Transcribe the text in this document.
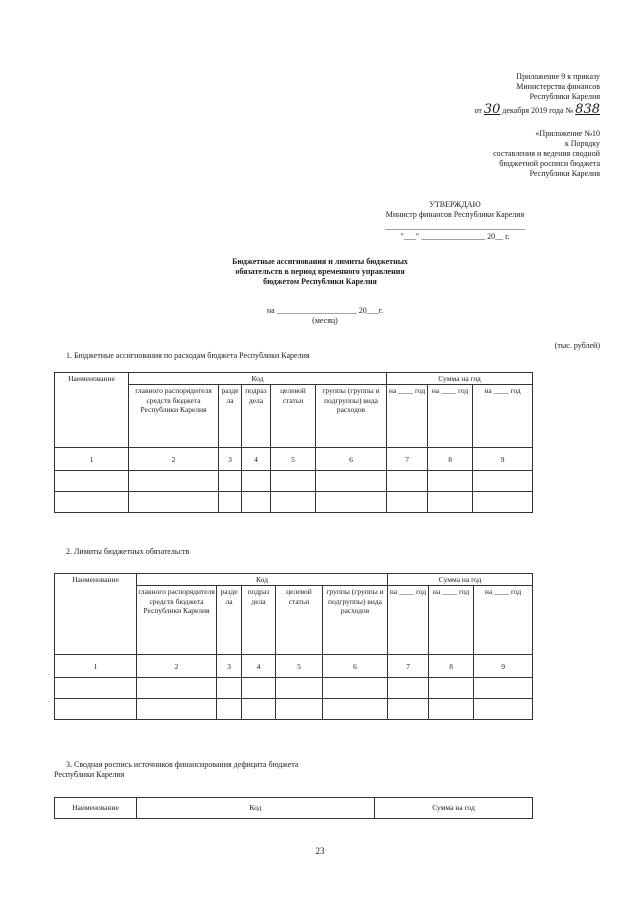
Приложение 9 к приказу
Министерства финансов
Республики Карелия
от 30 декабря 2019 года № 838
«Приложение №10
к Порядку
составления и ведения сводной
бюджетной росписи бюджета
Республики Карелия
УТВЕРЖДАЮ
Министр финансов Республики Карелия
___________________________________
"___" ________________ 20__ г.
Бюджетные ассигнования и лимиты бюджетных
обязательств в период временного управления
бюджетом Республики Карелия
на ____________________ 20___г.
(месяц)
(тыс. рублей)
1. Бюджетные ассигнования по расходам бюджета Республики Карелия
Наименование	Код					Сумма на год		
	главного распорядителя средств бюджета Республики Карелия	разде ла	подраз дела	целевой статьи	группы (группы и подгруппы) вида расходов	на ____ год	на ____ год	на ____ год
1	2	3	4	5	6	7	8	9

2. Лимиты бюджетных обязательств
Наименование	Код					Сумма на год		
	главного распорядителя средств бюджета Республики Карелия	разде ла	подраз дела	целевой статьи	группы (группы и подгруппы) вида расходов	на ____ год	на ____ год	на ____ год
1	2	3	4	5	6	7	8	9

3. Сводная роспись источников финансирования дефицита бюджета
Республики Карелия
Наименование	Код	Сумма на год
23
